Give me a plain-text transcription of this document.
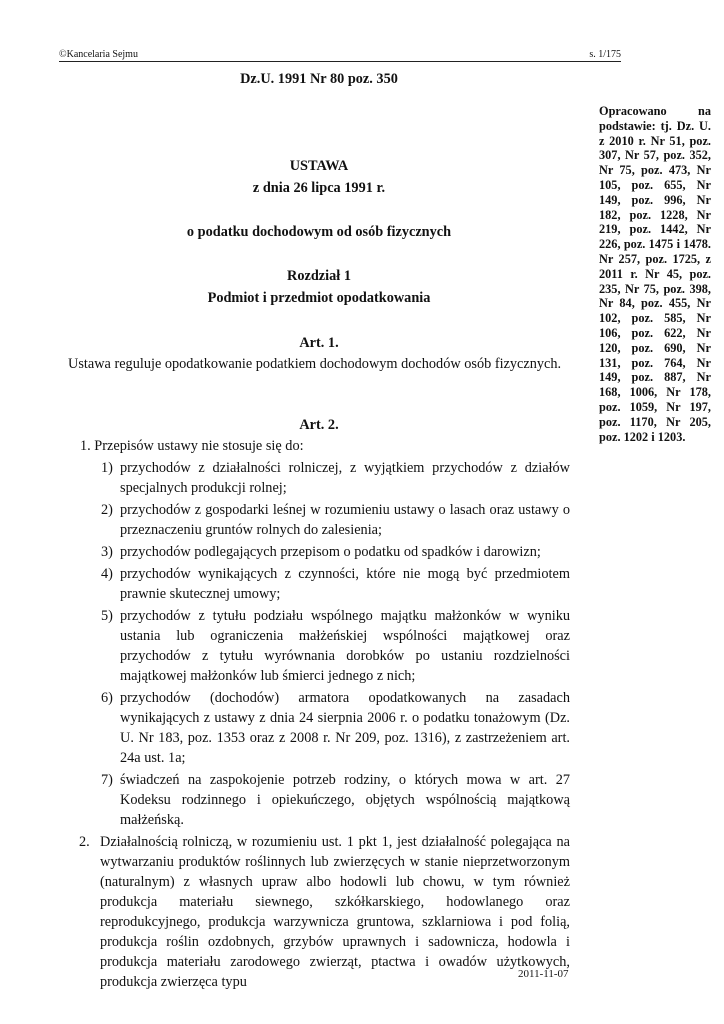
©Kancelaria Sejmu	s. 1/175
Dz.U. 1991 Nr 80 poz. 350
Opracowano na podstawie: tj. Dz. U. z 2010 r. Nr 51, poz. 307, Nr 57, poz. 352, Nr 75, poz. 473, Nr 105, poz. 655, Nr 149, poz. 996, Nr 182, poz. 1228, Nr 219, poz. 1442, Nr 226, poz. 1475 i 1478. Nr 257, poz. 1725, z 2011 r. Nr 45, poz. 235, Nr 75, poz. 398, Nr 84, poz. 455, Nr 102, poz. 585, Nr 106, poz. 622, Nr 120, poz. 690, Nr 131, poz. 764, Nr 149, poz. 887, Nr 168, 1006, Nr 178, poz. 1059, Nr 197, poz. 1170, Nr 205, poz. 1202 i 1203.
USTAWA
z dnia 26 lipca 1991 r.
o podatku dochodowym od osób fizycznych
Rozdział 1
Podmiot i przedmiot opodatkowania
Art. 1.
Ustawa reguluje opodatkowanie podatkiem dochodowym dochodów osób fizycznych.
Art. 2.
1. Przepisów ustawy nie stosuje się do:
1) przychodów z działalności rolniczej, z wyjątkiem przychodów z działów specjalnych produkcji rolnej;
2) przychodów z gospodarki leśnej w rozumieniu ustawy o lasach oraz ustawy o przeznaczeniu gruntów rolnych do zalesienia;
3) przychodów podlegających przepisom o podatku od spadków i darowizn;
4) przychodów wynikających z czynności, które nie mogą być przedmiotem prawnie skutecznej umowy;
5) przychodów z tytułu podziału wspólnego majątku małżonków w wyniku ustania lub ograniczenia małżeńskiej wspólności majątkowej oraz przychodów z tytułu wyrównania dorobków po ustaniu rozdzielności majątkowej małżonków lub śmierci jednego z nich;
6) przychodów (dochodów) armatora opodatkowanych na zasadach wynikających z ustawy z dnia 24 sierpnia 2006 r. o podatku tonażowym (Dz. U. Nr 183, poz. 1353 oraz z 2008 r. Nr 209, poz. 1316), z zastrzeżeniem art. 24a ust. 1a;
7) świadczeń na zaspokojenie potrzeb rodziny, o których mowa w art. 27 Kodeksu rodzinnego i opiekuńczego, objętych wspólnością majątkową małżeńską.
2. Działalnością rolniczą, w rozumieniu ust. 1 pkt 1, jest działalność polegająca na wytwarzaniu produktów roślinnych lub zwierzęcych w stanie nieprzetworzonym (naturalnym) z własnych upraw albo hodowli lub chowu, w tym również produkcja materiału siewnego, szkółkarskiego, hodowlanego oraz reprodukcyjnego, produkcja warzywnicza gruntowa, szklarniowa i pod folią, produkcja roślin ozdobnych, grzybów uprawnych i sadownicza, hodowla i produkcja materiału zarodowego zwierząt, ptactwa i owadów użytkowych, produkcja zwierzęca typu	2011-11-07
